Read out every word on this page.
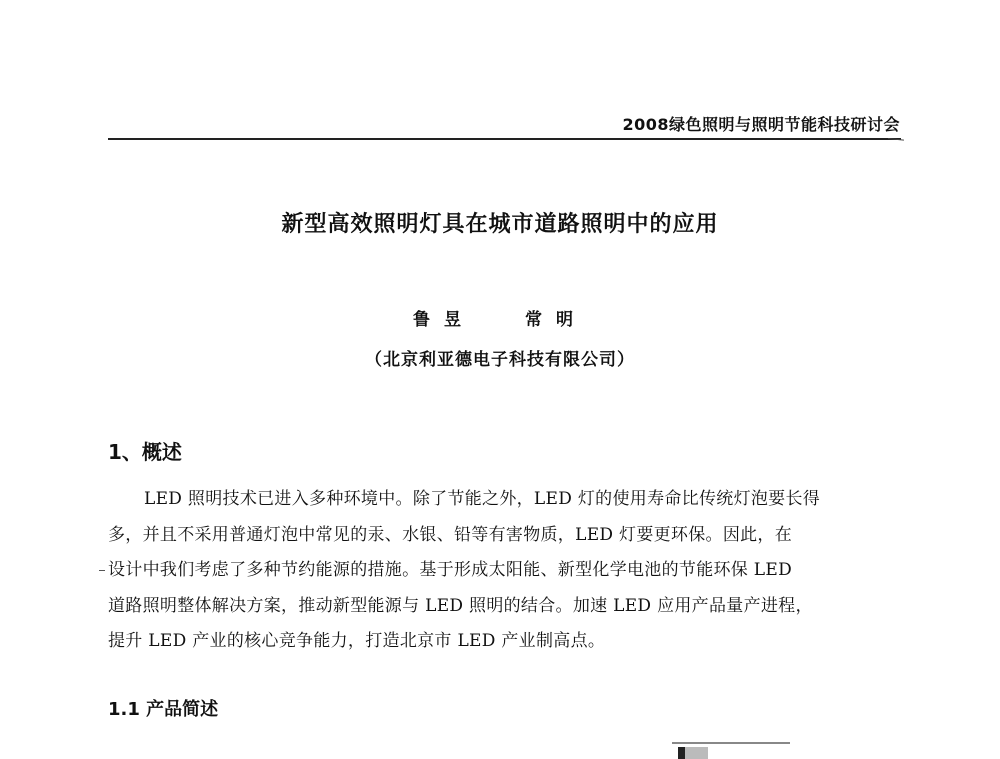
2008绿色照明与照明节能科技研讨会
新型高效照明灯具在城市道路照明中的应用
鲁昱	常明
（北京利亚德电子科技有限公司）
1、概述

LED 照明技术已进入多种环境中。除了节能之外，LED 灯的使用寿命比传统灯泡要长得
多，并且不采用普通灯泡中常见的汞、水银、铅等有害物质，LED 灯要更环保。因此，在
设计中我们考虑了多种节约能源的措施。基于形成太阳能、新型化学电池的节能环保 LED
道路照明整体解决方案，推动新型能源与 LED 照明的结合。加速 LED 应用产品量产进程，
提升 LED 产业的核心竞争能力，打造北京市 LED 产业制高点。

1.1 产品简述
